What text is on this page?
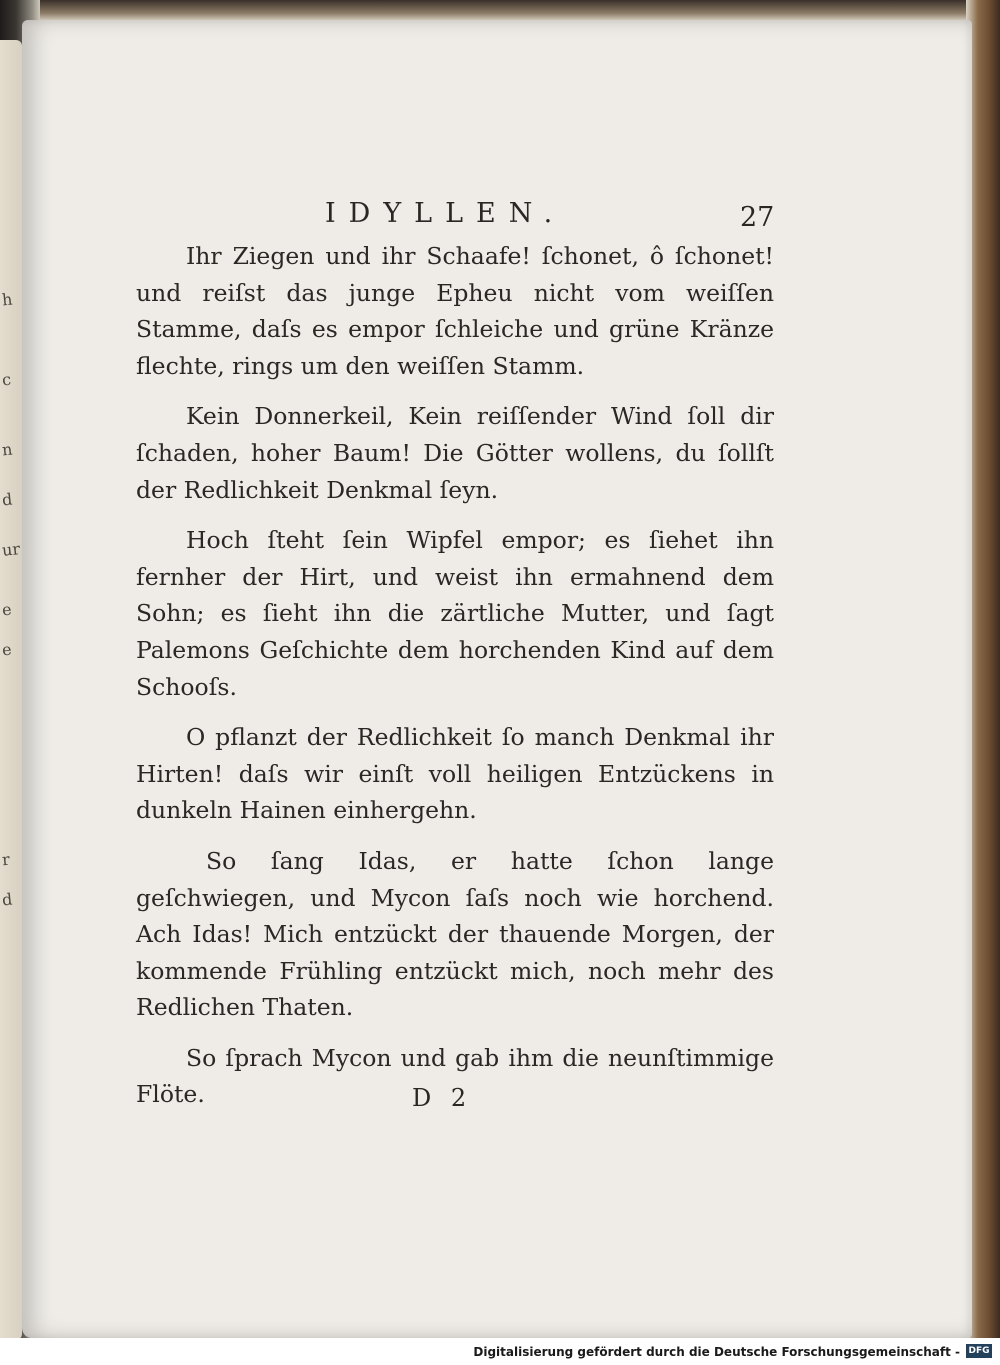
h
c
n
d
ur
e
e
r
d
IDYLLEN.	27

Ihr Ziegen und ihr Schaafe! ſchonet, ô ſchonet! und reiſst das junge Epheu nicht vom weiſſen Stamme, daſs es empor ſchleiche und grüne Kränze flechte, rings um den weiſſen Stamm.

Kein Donnerkeil, Kein reiſſender Wind ſoll dir ſchaden, hoher Baum! Die Götter wollens, du ſollſt der Redlichkeit Denkmal ſeyn.

Hoch ſteht ſein Wipfel empor; es ſiehet ihn fernher der Hirt, und weist ihn ermahnend dem Sohn; es ſieht ihn die zärtliche Mutter, und ſagt Palemons Geſchichte dem horchenden Kind auf dem Schooſs.

O pflanzt der Redlichkeit ſo manch Denkmal ihr Hirten! daſs wir einſt voll heiligen Entzückens in dunkeln Hainen einhergehn.

So ſang Idas, er hatte ſchon lange geſchwiegen, und Mycon ſaſs noch wie horchend. Ach Idas! Mich entzückt der thauende Morgen, der kommende Frühling entzückt mich, noch mehr des Redlichen Thaten.

So ſprach Mycon und gab ihm die neunſtimmige Flöte.	D 2
Digitalisierung gefördert durch die Deutsche Forschungsgemeinschaft - DFG
